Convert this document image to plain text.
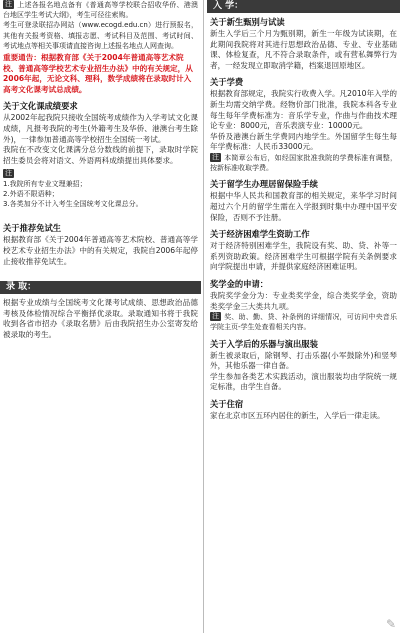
注 上述各报名地点备有《普通高等学校联合招收华侨、港澳台地区学生考试大纲》，考生可径往索购。
考生可登录联招办网站（www.ecogd.edu.cn）进行预报名，其他有关报考资格、填报志愿、考试科目及范围、考试时间、考试地点等相关事项请直接咨询上述报名地点人网查询。
重要通告：根据教育部《关于2004年普通高等艺术院校、普通高等学校艺术专业招生办法》中的有关规定，从2006年起，无论文科、理科，数学成绩将在录取时计入高考文化课考试总成绩。
关于文化课成绩要求
从2002年起我院只接收全国统考成绩作为入学考试文化课成绩，凡报考我院的考生(外籍考生及华侨、港澳台考生除外)，一律参加普通高等学校招生全国统一考试。
我院在不改变文化课满分总分数线的前提下，录取时学院招生委员会将对语文、外语两科成绩提出具体要求。
注
1.我院所有专业文理兼招；
2.外语不限语种；
3.各类加分不计入考生全国统考文化课总分。
关于推荐免试生
根据教育部《关于2004年普通高等艺术院校、普通高等学校艺术专业招生办法》中的有关规定，我院自2006年起停止接收推荐免试生。
录 取：
根据专业成绩与全国统考文化课考试成绩、思想政治品德考核及体检情况综合平衡择优录取。录取通知书将于我院收到各省市招办《录取名册》后由我院招生办公室寄发给被录取的考生。
入 学：
关于新生甄别与试读
新生入学后三个月为甄别期，新生一年级为试读期，在此期间我院将对其进行思想政治品德、专业、专业基础课、体检复查，凡不符合录取条件，或有营私舞弊行为者，一经发现立即取消学籍，档案退回原地区。
关于学费
根据教育部规定，我院实行收费入学。凡2010年入学的新生均需交纳学费。经物价部门批准，我院本科各专业每生每年学费标准为：音乐学专业，作曲与作曲技术理论专业：8000元，音乐表演专业：10000元。
华侨及港澳台新生学费同内地学生。外国留学生每生每年学费标准：人民币33000元。
注 本简章公布后，如经国家批准我院的学费标准有调整，按新标准收取学费。
关于留学生办理居留保险手续
根据中华人民共和国教育部的相关规定，来华学习时间超过六个月的留学生需在入学报到时集中办理中国平安保险，否则不予注册。
关于经济困难学生资助工作
对于经济特别困难学生，我院设有奖、助、贷、补等一系列资助政策。经济困难学生可根据学院有关条例要求向学院提出申请，并提供家庭经济困难证明。
奖学金的申请：
我院奖学金分为：专业类奖学金，综合类奖学金，资助类奖学金三大类共九项。
注 奖、助、勤、贷、补条例的详细情况，可访问中央音乐学院主页-学生处查看相关内容。
关于入学后的乐器与演出服装
新生被录取后，除钢琴、打击乐器(小军鼓除外)和竖琴外，其他乐器一律自备。
学生参加各类艺术实践活动，演出服装均由学院统一规定标准，由学生自备。
关于住宿
家在北京市区五环内居住的新生，入学后一律走读。
✎
